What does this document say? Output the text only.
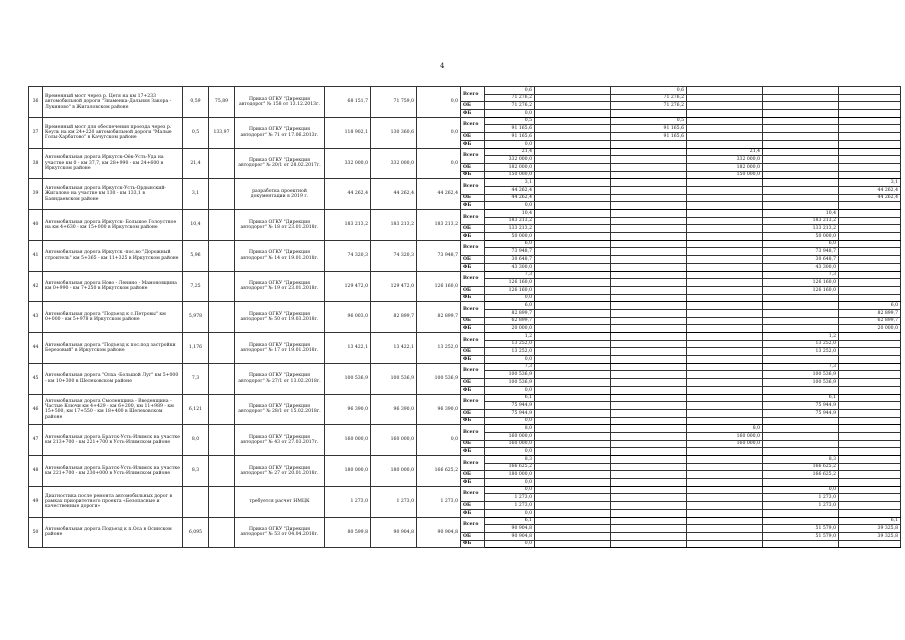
4
36	Временный мост через р. Цетя на км 17+233 автомобильной дороги "Знаменка-Дальняя Закора - Лукиново" в Жигаловском районе	0,59	75,89	Приказ ОГКУ "Дирекция автодорог" № 158 от 13.12.2013г.	68 151,7	71 759,0	0,0	Всего	0,6		0,6			
									71 276,2		71 276,2			
								ОБ	71 276,2		71 276,2			
								ФБ	0,0					
37	Временный мост для обеспечения проезда через р. Кеуль на км 24+220 автомобильной дороги "Малые Голы-Харбатово" в Качугском районе	0,5	133,97	Приказ ОГКУ "Дирекция автодорог" № 71 от 17.06.2013г.	118 902,1	130 360,6	0,0	Всего	0,5		0,5			
									91 165,6		91 165,6			
								ОБ	91 165,6		91 165,6			
								ФБ	0,0					
38	Автомобильная дорога Иркутск-Оёк-Усть-Уда на участке км 0 - км 37,7, км 28+990 - км 24+600 в Иркутском районе	21,4		Приказ ОГКУ "Дирекция автодорог" № 20/1 от 28.02.2017г.	332 000,0	332 000,0	0,0	Всего	21,4			21,4		
									332 000,0			332 000,0		
								ОБ	182 000,0			182 000,0		
								ФБ	150 000,0			150 000,0		
39	Автомобильная дорога Иркутск-Усть-Ордынский-Жигалово на участке км 130 - км 133,1 в Баяндаевском районе	3,1		разработка проектной документации в 2019 г.	44 262,4	44 262,4	44 262,4	Всего	3,1					3,1
									44 262,4					44 262,4
								ОБ	44 262,4					44 262,4
								ФБ	0,0					
40	Автомобильная дорога Иркутск- Большое Голоустное на км 4+630 - км 15+000 в Иркутском районе	10,4		Приказ ОГКУ "Дирекция автодорог" № 18 от 23.01.2018г.	183 213,2	183 213,2	183 213,2	Всего	10,4				10,4	
									183 213,2				183 213,2	
								ОБ	133 213,2				133 213,2	
								ФБ	50 000,0				50 000,0	
41	Автомобильная дорога Иркутск -пос.во "Дорожный строитель" км 5+365 - км 11+325 в Иркутском районе	5,96		Приказ ОГКУ "Дирекция автодорог" № 14 от 19.01.2018г.	74 320,3	74 320,3	73 948,7	Всего	6,0				6,0	
									73 948,7				73 948,7	
								ОБ	30 648,7				30 648,7	
								ФБ	43 300,0				43 300,0	
42	Автомобильная дорога Ново - Ленино - Мамоновщина км 0+990 - км 7+250 в Иркутском районе	7,25		Приказ ОГКУ "Дирекция автодорог" № 19 от 23.01.2018г.	129 472,0	129 472,0	126 160,0	Всего	7,3				7,3	
									126 160,0				126 160,0	
								ОБ	126 160,0				126 160,0	
								ФБ	0,0					
43	Автомобильная дорога "Подъезд к с.Петровы" км 0+000 - км 5+978 в Иркутском районе	5,978		Приказ ОГКУ "Дирекция автодорог" № 50 от 19.03.2018г.	96 003,0	82 899,7	82 899,7	Всего	6,0					6,0
									82 899,7					82 899,7
								ОБ	62 899,7					62 899,7
								ФБ	20 000,0					20 000,0
44	Автомобильная дорога "Подъезд к пос.под застройки Березовый" в Иркутском районе	1,176		Приказ ОГКУ "Дирекция автодорог" № 17 от 19.01.2018г.	13 422,1	13 422,1	13 252,0	Всего	1,2				1,2	
									13 252,0				13 252,0	
								ОБ	13 252,0				13 252,0	
								ФБ	0,0					
45	Автомобильная дорога "Олха -Большой Луг" км 5+000 - км 10+300 в Шелеховском районе	7,3		Приказ ОГКУ "Дирекция автодорог" № 27/1 от 13.02.2018г.	100 536,9	100 536,9	100 536,9	Всего	7,3				7,3	
									100 536,9				100 536,9	
								ОБ	100 536,9				100 536,9	
								ФБ	0,0					
46	Автомобильная дорога Смоленщина - Введенщина - Частые Ключи км 4+429 - км 6+200, км 11+989 - км 15+500, км 17+550 - км 18+400 в Шелеховском районе	6,121		Приказ ОГКУ "Дирекция автодорог" № 28/1 от 15.02.2018г.	96 390,0	96 390,0	96 390,0	Всего	6,1				6,1	
									75 944,9				75 944,9	
								ОБ	75 944,9				75 944,9	
								ФБ	0,0					
47	Автомобильная дорога Братск-Усть-Илимск на участке км 213+700 - км 221+700 в Усть-Илимском районе	8,0		Приказ ОГКУ "Дирекция автодорог" № 43 от 27.03.2017г.	160 000,0	160 000,0	0,0	Всего	8,0			8,0		
									160 000,0			160 000,0		
								ОБ	160 000,0			160 000,0		
								ФБ	0,0					
48	Автомобильная дорога Братск-Усть-Илимск на участке км 221+700 - км 230+000 в Усть-Илимском районе	8,3		Приказ ОГКУ "Дирекция автодорог" № 27 от 20.01.2018г.	180 000,0	180 000,0	166 625,2	Всего	8,3				8,3	
									166 625,2				166 625,2	
								ОБ	180 000,0				166 625,2	
								ФБ	0,0					
49	Диагностика после ремонта автомобильных дорог в рамках приоритетного проекта «Безопасные и качественные дороги»			требуется расчет НМЦК	1 273,0	1 273,0	1 273,0	Всего	0,0				0,0	
									1 273,0				1 273,0	
								ОБ	1 273,0				1 273,0	
								ФБ	0,0					
50	Автомобильная дорога Подъезд к п.Оса в Осинском районе	6,095		Приказ ОГКУ "Дирекция автодорог" № 53 от 04.04.2018г.	80 599,8	90 904,8	90 904,8	Всего	6,1					6,1
									90 904,8				51 579,0	39 325,8
								ОБ	90 904,8				51 579,0	39 325,8
								ФБ	0,0					
